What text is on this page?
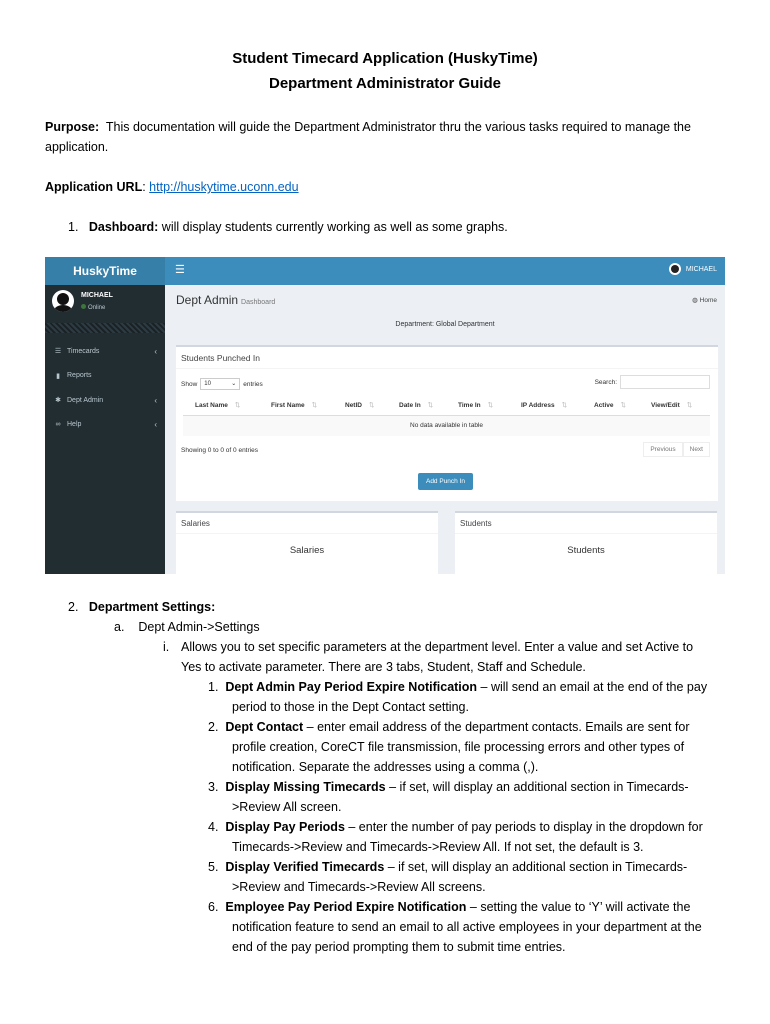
Student Timecard Application (HuskyTime)
Department Administrator Guide
Purpose: This documentation will guide the Department Administrator thru the various tasks required to manage the
application.
Application URL: http://huskytime.uconn.edu
1. Dashboard: will display students currently working as well as some graphs.
HuskyTime	☰	MICHAEL
MICHAEL
Online
☰ Timecards	‹
▮	Reports
✱ Dept Admin	‹
∞ Help	‹
Dept Admin Dashboard	◍ Home
Department: Global Department
Students Punched In
Show	10	⌄ entries	Search:
Last Name ⇅	First Name ⇅	NetID ⇅	Date In ⇅	Time In ⇅	IP Address ⇅	Active ⇅	View/Edit ⇅
No data available in table
Showing 0 to 0 of 0 entries	Previous	Next
Add Punch In
Salaries
Salaries
Students
Students
2. Department Settings:
a. Dept Admin->Settings
i. Allows you to set specific parameters at the department level. Enter a value and set Active to
Yes to activate parameter. There are 3 tabs, Student, Staff and Schedule.
1. Dept Admin Pay Period Expire Notification – will send an email at the end of the pay
period to those in the Dept Contact setting.
2. Dept Contact – enter email address of the department contacts. Emails are sent for
profile creation, CoreCT file transmission, file processing errors and other types of
notification. Separate the addresses using a comma (,).
3. Display Missing Timecards – if set, will display an additional section in Timecards-
>Review All screen.
4. Display Pay Periods – enter the number of pay periods to display in the dropdown for
Timecards->Review and Timecards->Review All. If not set, the default is 3.
5. Display Verified Timecards – if set, will display an additional section in Timecards-
>Review and Timecards->Review All screens.
6. Employee Pay Period Expire Notification – setting the value to ‘Y’ will activate the
notification feature to send an email to all active employees in your department at the
end of the pay period prompting them to submit time entries.
